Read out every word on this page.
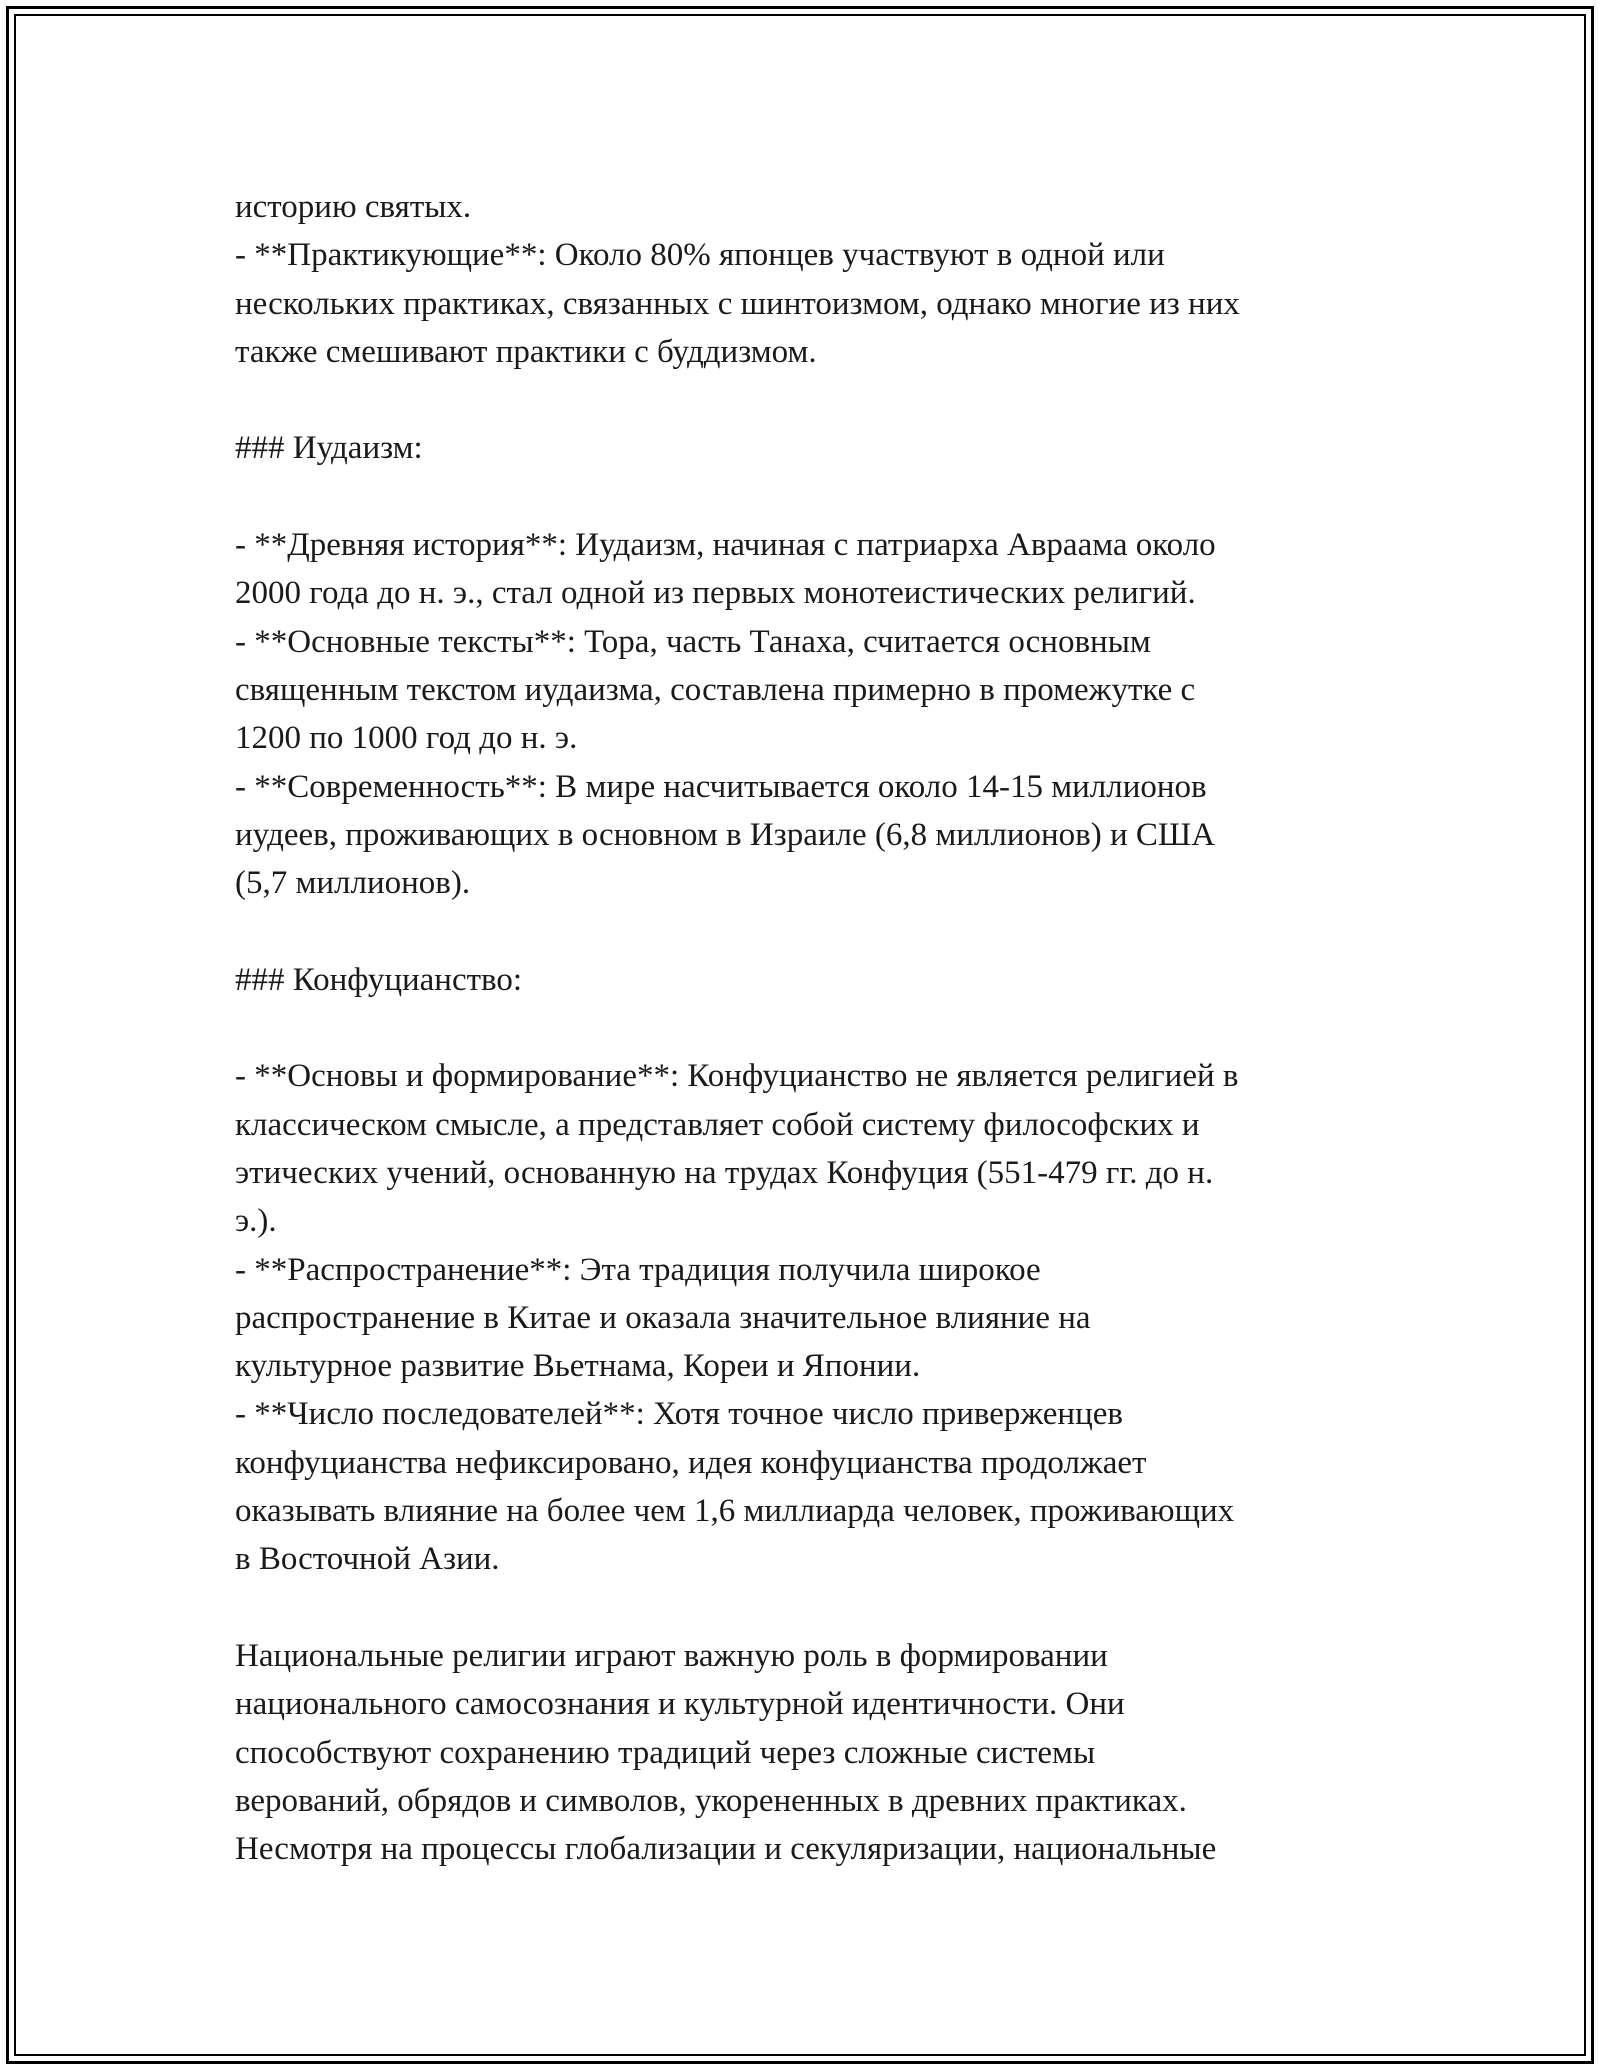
историю святых.
- **Практикующие**: Около 80% японцев участвуют в одной или
нескольких практиках, связанных с шинтоизмом, однако многие из них
также смешивают практики с буддизмом.
### Иудаизм:
- **Древняя история**: Иудаизм, начиная с патриарха Авраама около
2000 года до н. э., стал одной из первых монотеистических религий.
- **Основные тексты**: Тора, часть Танаха, считается основным
священным текстом иудаизма, составлена примерно в промежутке с
1200 по 1000 год до н. э.
- **Современность**: В мире насчитывается около 14-15 миллионов
иудеев, проживающих в основном в Израиле (6,8 миллионов) и США
(5,7 миллионов).
### Конфуцианство:
- **Основы и формирование**: Конфуцианство не является религией в
классическом смысле, а представляет собой систему философских и
этических учений, основанную на трудах Конфуция (551-479 гг. до н.
э.).
- **Распространение**: Эта традиция получила широкое
распространение в Китае и оказала значительное влияние на
культурное развитие Вьетнама, Кореи и Японии.
- **Число последователей**: Хотя точное число приверженцев
конфуцианства нефиксировано, идея конфуцианства продолжает
оказывать влияние на более чем 1,6 миллиарда человек, проживающих
в Восточной Азии.
Национальные религии играют важную роль в формировании
национального самосознания и культурной идентичности. Они
способствуют сохранению традиций через сложные системы
верований, обрядов и символов, укорененных в древних практиках.
Несмотря на процессы глобализации и секуляризации, национальные
